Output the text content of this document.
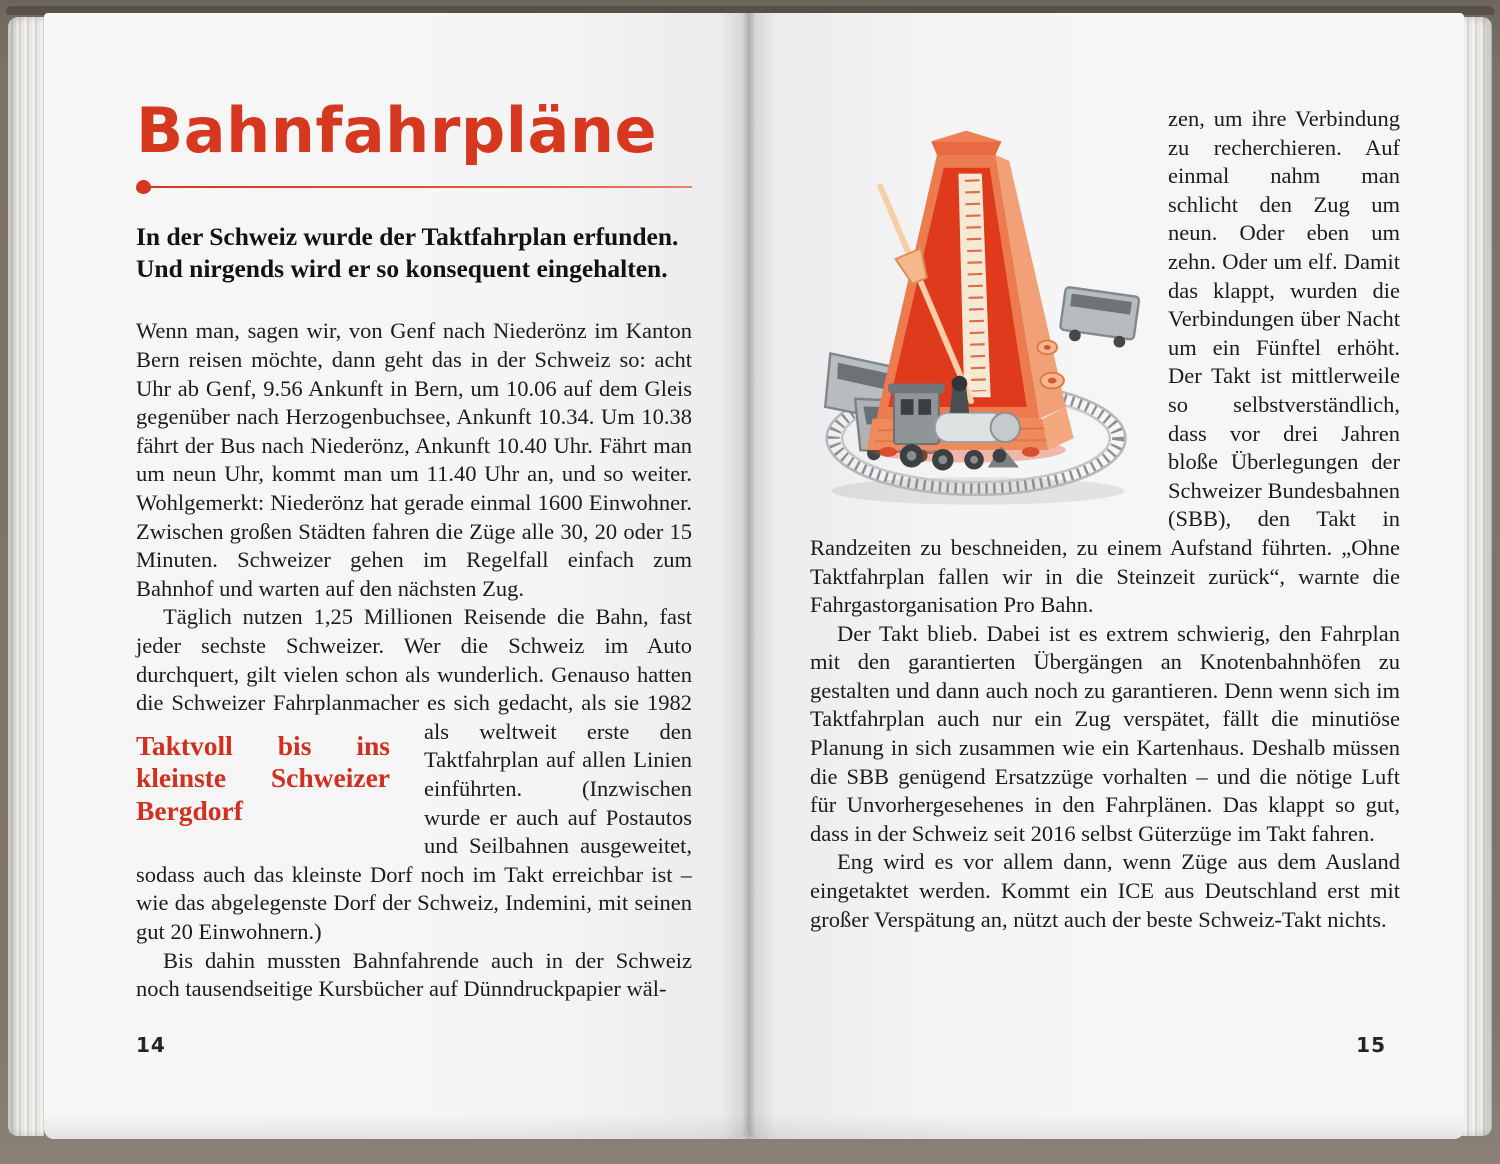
Bahnfahrpläne
In der Schweiz wurde der Taktfahrplan erfunden. Und nirgends wird er so konsequent eingehalten.

Wenn man, sagen wir, von Genf nach Niederönz im Kanton Bern reisen möchte, dann geht das in der Schweiz so: acht Uhr ab Genf, 9.56 Ankunft in Bern, um 10.06 auf dem Gleis gegenüber nach Herzogenbuchsee, Ankunft 10.34. Um 10.38 fährt der Bus nach Niederönz, Ankunft 10.40 Uhr. Fährt man um neun Uhr, kommt man um 11.40 Uhr an, und so weiter. Wohlgemerkt: Niederönz hat gerade einmal 1600 Einwohner. Zwischen großen Städten fahren die Züge alle 30, 20 oder 15 Minuten. Schweizer gehen im Regelfall einfach zum Bahnhof und warten auf den nächsten Zug.

Täglich nutzen 1,25 Millionen Reisende die Bahn, fast jeder sechste Schweizer. Wer die Schweiz im Auto durchquert, gilt vielen schon als wunderlich. Genauso hatten die Schweizer Fahrplanmacher es sich gedacht, als sie 1982 als
Taktvoll bis ins kleinste Schweizer Bergdorf
weltweit erste den Taktfahrplan auf allen Linien einführten. (Inzwischen wurde er auch auf Postautos und Seilbahnen ausgeweitet, sodass auch das kleinste Dorf noch im Takt erreichbar ist – wie das abgelegenste Dorf der Schweiz, Indemini, mit seinen gut 20 Einwohnern.)

Bis dahin mussten Bahnfahrende auch in der Schweiz noch tausendseitige Kursbücher auf Dünndruckpapier wäl-

14

zen, um ihre Verbindung zu recherchieren. Auf einmal nahm man schlicht den Zug um neun. Oder eben um zehn. Oder um elf. Damit das klappt, wurden die Verbindungen über Nacht um ein Fünftel erhöht. Der Takt ist mittlerweile so selbstverständlich, dass vor drei Jahren bloße Überlegungen der Schweizer Bundesbahnen (SBB), den Takt in Randzeiten zu beschneiden, zu einem Aufstand führten. „Ohne Taktfahrplan fallen wir in die Steinzeit zurück“, warnte die Fahrgastorganisation Pro Bahn.

Der Takt blieb. Dabei ist es extrem schwierig, den Fahrplan mit den garantierten Übergängen an Knotenbahnhöfen zu gestalten und dann auch noch zu garantieren. Denn wenn sich im Taktfahrplan auch nur ein Zug verspätet, fällt die minutiöse Planung in sich zusammen wie ein Kartenhaus. Deshalb müssen die SBB genügend Ersatzzüge vorhalten – und die nötige Luft für Unvorhergesehenes in den Fahrplänen. Das klappt so gut, dass in der Schweiz seit 2016 selbst Güterzüge im Takt fahren.

Eng wird es vor allem dann, wenn Züge aus dem Ausland eingetaktet werden. Kommt ein ICE aus Deutschland erst mit großer Verspätung an, nützt auch der beste Schweiz-Takt nichts.

15
